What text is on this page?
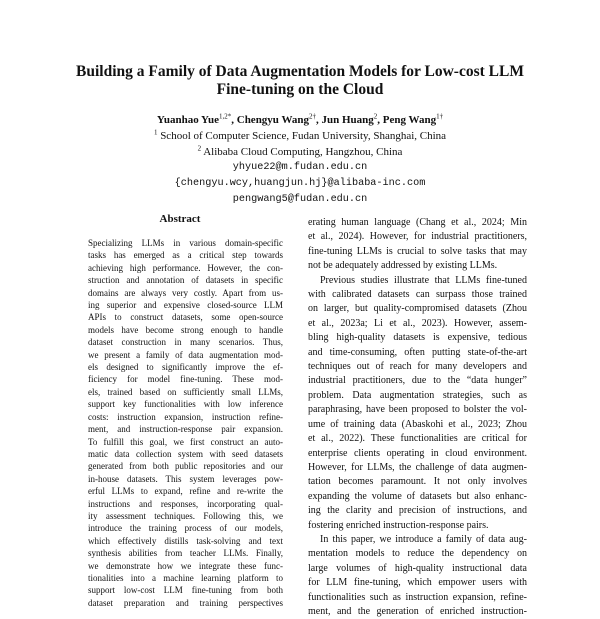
Building a Family of Data Augmentation Models for Low-cost LLM
Fine-tuning on the Cloud
Yuanhao Yue$^{1,2*}$, Chengyu Wang$^{2\dagger}$, Jun Huang$^2$, Peng Wang$^{1\dagger}$
$^1$ School of Computer Science, Fudan University, Shanghai, China
$^2$ Alibaba Cloud Computing, Hangzhou, China
yhyue22@m.fudan.edu.cn
{chengyu.wcy,huangjun.hj}@alibaba-inc.com
pengwang5@fudan.edu.cn
Abstract
Specializing LLMs in various domain-specific
tasks has emerged as a critical step towards
achieving high performance. However, the con-
struction and annotation of datasets in specific
domains are always very costly. Apart from us-
ing superior and expensive closed-source LLM
APIs to construct datasets, some open-source
models have become strong enough to handle
dataset construction in many scenarios. Thus,
we present a family of data augmentation mod-
els designed to significantly improve the ef-
ficiency for model fine-tuning. These mod-
els, trained based on sufficiently small LLMs,
support key functionalities with low inference
costs: instruction expansion, instruction refine-
ment, and instruction-response pair expansion.
To fulfill this goal, we first construct an auto-
matic data collection system with seed datasets
generated from both public repositories and our
in-house datasets. This system leverages pow-
erful LLMs to expand, refine and re-write the
instructions and responses, incorporating qual-
ity assessment techniques. Following this, we
introduce the training process of our models,
which effectively distills task-solving and text
synthesis abilities from teacher LLMs. Finally,
we demonstrate how we integrate these func-
tionalities into a machine learning platform to
support low-cost LLM fine-tuning from both
dataset preparation and training perspectives
erating human language (Chang et al., 2024; Min
et al., 2024). However, for industrial practitioners,
fine-tuning LLMs is crucial to solve tasks that may
not be adequately addressed by existing LLMs.
Previous studies illustrate that LLMs fine-tuned
with calibrated datasets can surpass those trained
on larger, but quality-compromised datasets (Zhou
et al., 2023a; Li et al., 2023). However, assem-
bling high-quality datasets is expensive, tedious
and time-consuming, often putting state-of-the-art
techniques out of reach for many developers and
industrial practitioners, due to the “data hunger”
problem. Data augmentation strategies, such as
paraphrasing, have been proposed to bolster the vol-
ume of training data (Abaskohi et al., 2023; Zhou
et al., 2022). These functionalities are critical for
enterprise clients operating in cloud environment.
However, for LLMs, the challenge of data augmen-
tation becomes paramount. It not only involves
expanding the volume of datasets but also enhanc-
ing the clarity and precision of instructions, and
fostering enriched instruction-response pairs.
In this paper, we introduce a family of data aug-
mentation models to reduce the dependency on
large volumes of high-quality instructional data
for LLM fine-tuning, which empower users with
functionalities such as instruction expansion, refine-
ment, and the generation of enriched instruction-
